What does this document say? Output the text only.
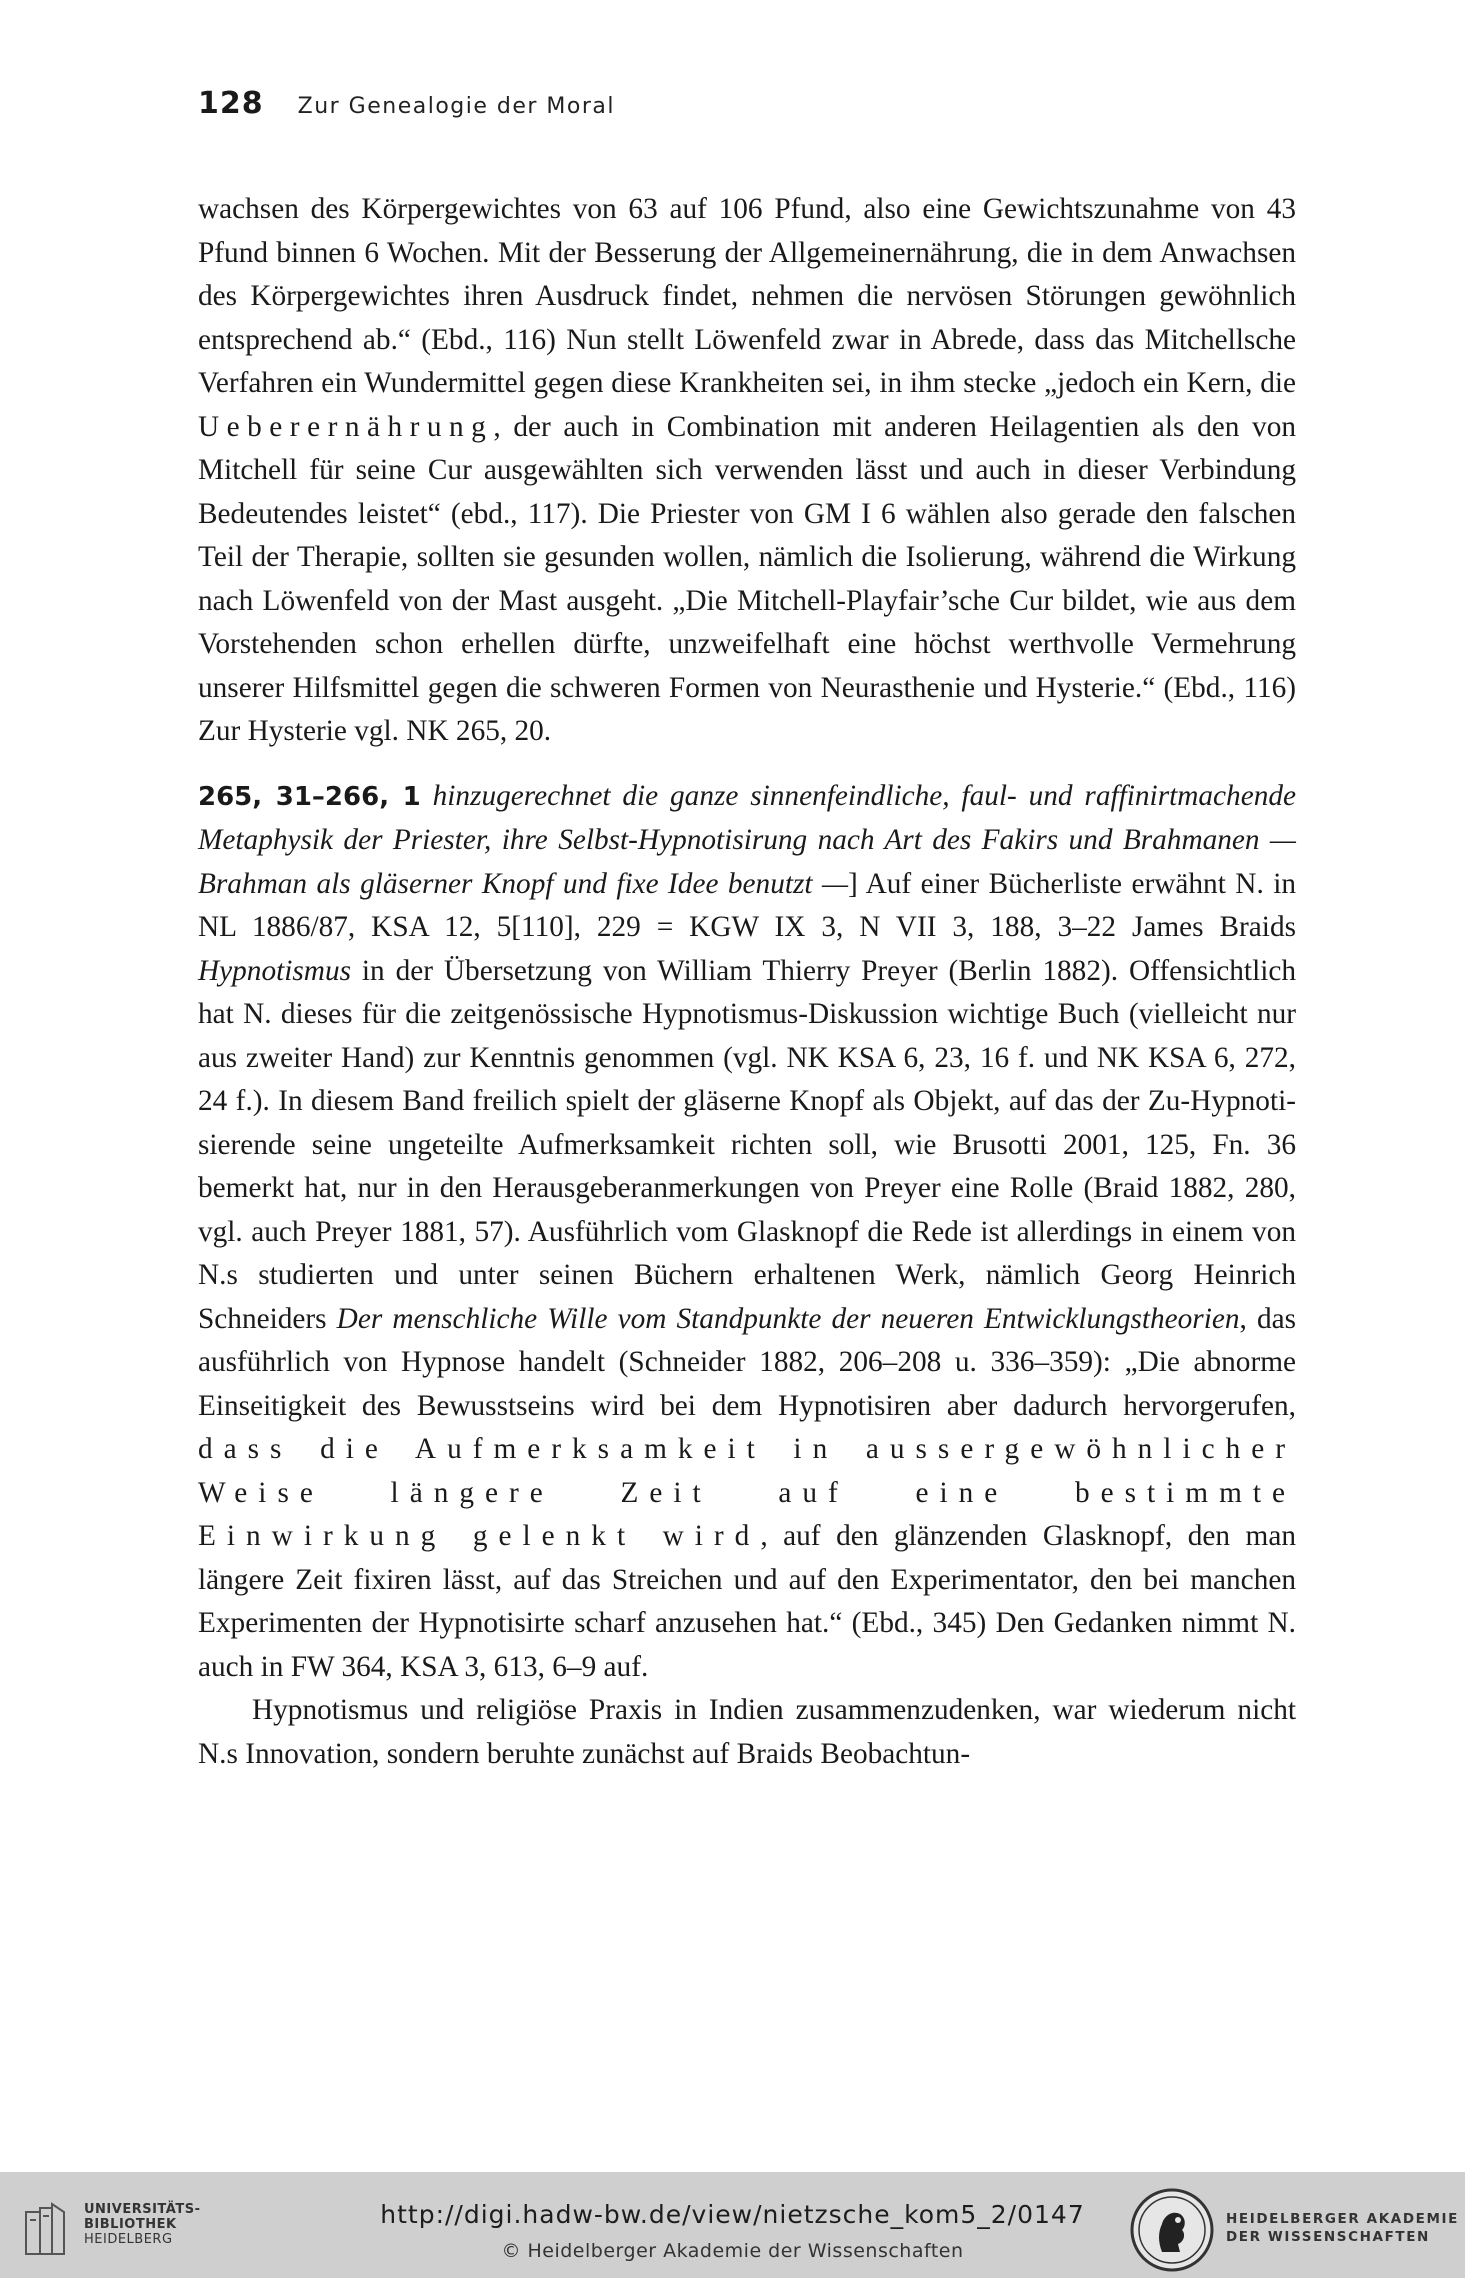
128 Zur Genealogie der Moral

wachsen des Körpergewichtes von 63 auf 106 Pfund, also eine Gewichtszunahme von 43 Pfund binnen 6 Wochen. Mit der Besserung der Allgemeinernährung, die in dem Anwachsen des Körpergewichtes ihren Ausdruck findet, nehmen die nervösen Störungen gewöhnlich entsprechend ab.“ (Ebd., 116) Nun stellt Löwenfeld zwar in Abrede, dass das Mitchellsche Verfahren ein Wundermittel gegen diese Krankheiten sei, in ihm stecke „jedoch ein Kern, die Ueberernährung, der auch in Combination mit anderen Heilagentien als den von Mitchell für seine Cur ausgewählten sich verwenden lässt und auch in dieser Verbindung Bedeutendes leistet“ (ebd., 117). Die Priester von GM I 6 wählen also gerade den falschen Teil der Therapie, sollten sie gesunden wollen, nämlich die Isolierung, während die Wirkung nach Löwenfeld von der Mast ausgeht. „Die Mitchell-Playfair’sche Cur bildet, wie aus dem Vorstehenden schon erhellen dürfte, unzweifelhaft eine höchst werthvolle Vermehrung unserer Hilfsmittel gegen die schweren Formen von Neurasthenie und Hysterie.“ (Ebd., 116) Zur Hysterie vgl. NK 265, 20.

265, 31–266, 1 hinzugerechnet die ganze sinnenfeindliche, faul- und raffinirtmachende Metaphysik der Priester, ihre Selbst-Hypnotisirung nach Art des Fakirs und Brahmanen — Brahman als gläserner Knopf und fixe Idee benutzt —] Auf einer Bücherliste erwähnt N. in NL 1886/87, KSA 12, 5[110], 229 = KGW IX 3, N VII 3, 188, 3–22 James Braids Hypnotismus in der Übersetzung von William Thierry Preyer (Berlin 1882). Offensichtlich hat N. dieses für die zeitgenössische Hypnotismus-Diskussion wichtige Buch (vielleicht nur aus zweiter Hand) zur Kenntnis genommen (vgl. NK KSA 6, 23, 16 f. und NK KSA 6, 272, 24 f.). In diesem Band freilich spielt der gläserne Knopf als Objekt, auf das der Zu-Hypnotisierende seine ungeteilte Aufmerksamkeit richten soll, wie Brusotti 2001, 125, Fn. 36 bemerkt hat, nur in den Herausgeberanmerkungen von Preyer eine Rolle (Braid 1882, 280, vgl. auch Preyer 1881, 57). Ausführlich vom Glasknopf die Rede ist allerdings in einem von N.s studierten und unter seinen Büchern erhaltenen Werk, nämlich Georg Heinrich Schneiders Der menschliche Wille vom Standpunkte der neueren Entwicklungstheorien, das ausführlich von Hypnose handelt (Schneider 1882, 206–208 u. 336–359): „Die abnorme Einseitigkeit des Bewusstseins wird bei dem Hypnotisiren aber dadurch hervorgerufen, dass die Aufmerksamkeit in aussergewöhnlicher Weise längere Zeit auf eine bestimmte Einwirkung gelenkt wird, auf den glänzenden Glasknopf, den man längere Zeit fixiren lässt, auf das Streichen und auf den Experimentator, den bei manchen Experimenten der Hypnotisirte scharf anzusehen hat.“ (Ebd., 345) Den Gedanken nimmt N. auch in FW 364, KSA 3, 613, 6–9 auf.

Hypnotismus und religiöse Praxis in Indien zusammenzudenken, war wiederum nicht N.s Innovation, sondern beruhte zunächst auf Braids Beobachtun-

UNIVERSITÄTS-
BIBLIOTHEK
HEIDELBERG
http://digi.hadw-bw.de/view/nietzsche_kom5_2/0147
© Heidelberger Akademie der Wissenschaften
HEIDELBERGER AKADEMIE
DER WISSENSCHAFTEN
